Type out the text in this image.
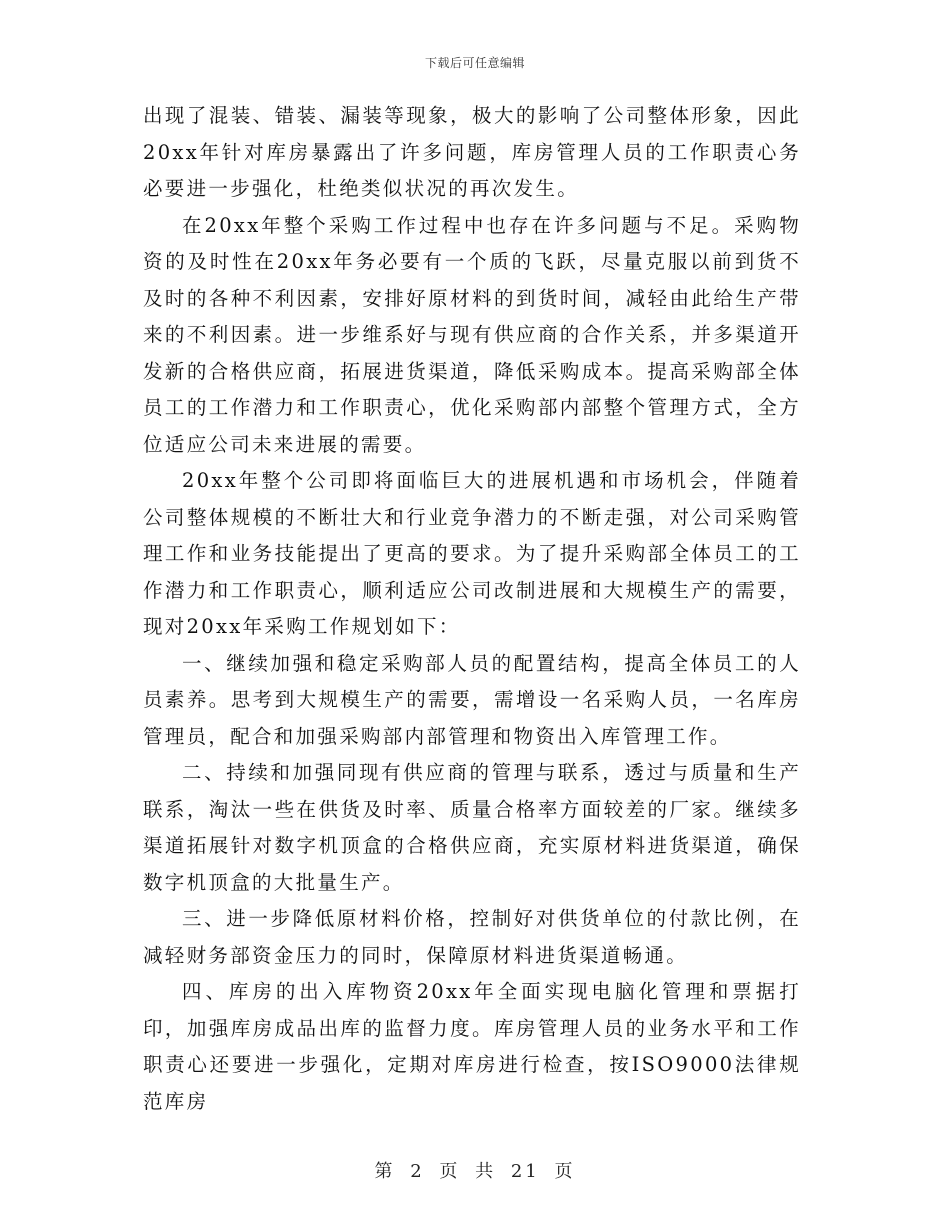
下载后可任意编辑

出现了混装、错装、漏装等现象，极大的影响了公司整体形象，因此20xx年针对库房暴露出了许多问题，库房管理人员的工作职责心务必要进一步强化，杜绝类似状况的再次发生。

在20xx年整个采购工作过程中也存在许多问题与不足。采购物资的及时性在20xx年务必要有一个质的飞跃，尽量克服以前到货不及时的各种不利因素，安排好原材料的到货时间，减轻由此给生产带来的不利因素。进一步维系好与现有供应商的合作关系，并多渠道开发新的合格供应商，拓展进货渠道，降低采购成本。提高采购部全体员工的工作潜力和工作职责心，优化采购部内部整个管理方式，全方位适应公司未来进展的需要。

20xx年整个公司即将面临巨大的进展机遇和市场机会，伴随着公司整体规模的不断壮大和行业竞争潜力的不断走强，对公司采购管理工作和业务技能提出了更高的要求。为了提升采购部全体员工的工作潜力和工作职责心，顺利适应公司改制进展和大规模生产的需要，现对20xx年采购工作规划如下：

一、继续加强和稳定采购部人员的配置结构，提高全体员工的人员素养。思考到大规模生产的需要，需增设一名采购人员，一名库房管理员，配合和加强采购部内部管理和物资出入库管理工作。

二、持续和加强同现有供应商的管理与联系，透过与质量和生产联系，淘汰一些在供货及时率、质量合格率方面较差的厂家。继续多渠道拓展针对数字机顶盒的合格供应商，充实原材料进货渠道，确保数字机顶盒的大批量生产。

三、进一步降低原材料价格，控制好对供货单位的付款比例，在减轻财务部资金压力的同时，保障原材料进货渠道畅通。

四、库房的出入库物资20xx年全面实现电脑化管理和票据打印，加强库房成品出库的监督力度。库房管理人员的业务水平和工作职责心还要进一步强化，定期对库房进行检查，按ISO9000法律规范库房

第 2 页 共 21 页
